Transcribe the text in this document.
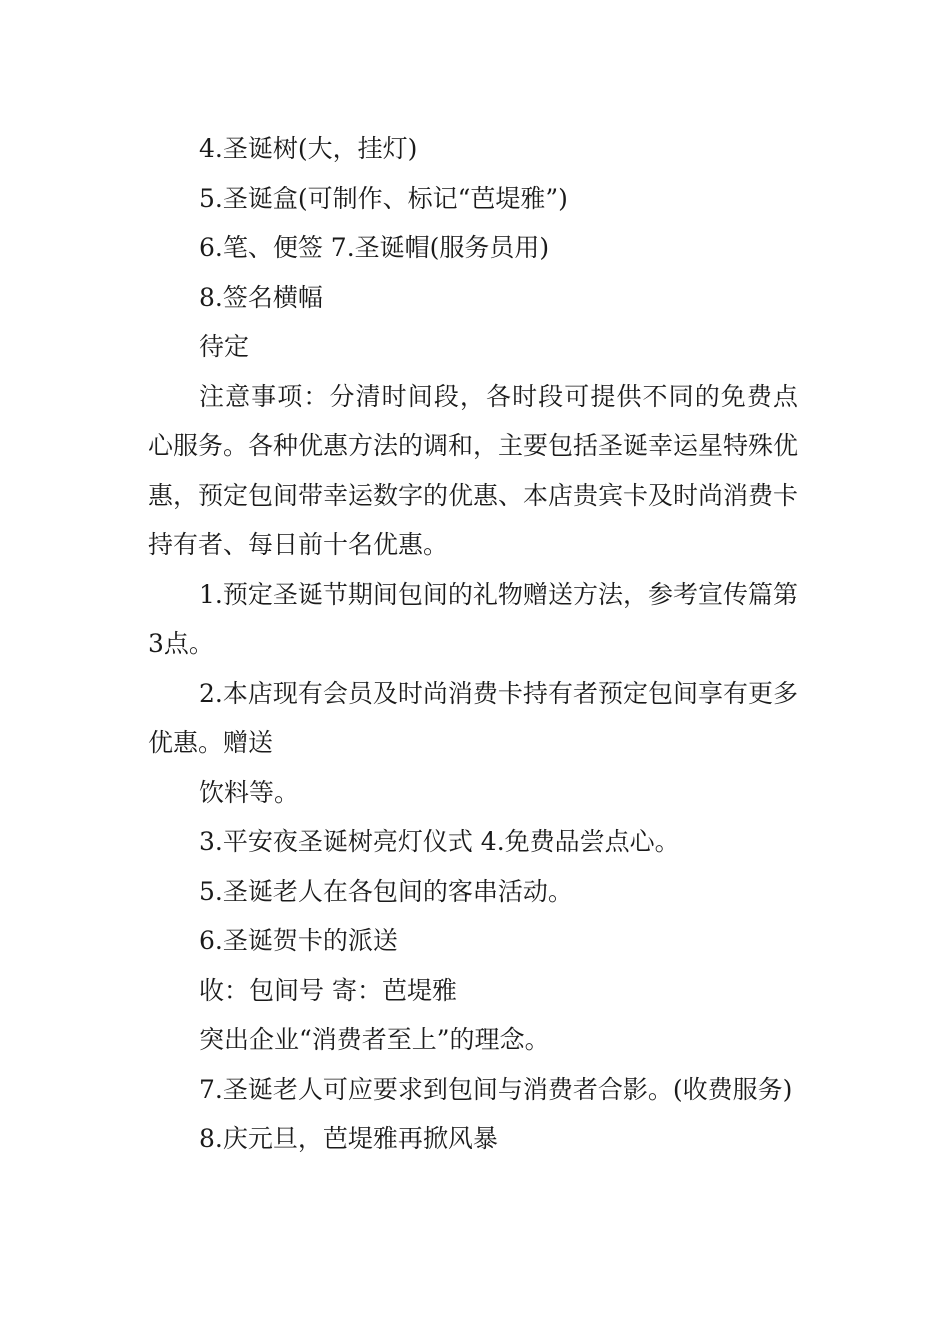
4.圣诞树(大，挂灯)

5.圣诞盒(可制作、标记“芭堤雅”)

6.笔、便签 7.圣诞帽(服务员用)

8.签名横幅

待定

注意事项：分清时间段，各时段可提供不同的免费点心服务。各种优惠方法的调和，主要包括圣诞幸运星特殊优惠，预定包间带幸运数字的优惠、本店贵宾卡及时尚消费卡持有者、每日前十名优惠。

1.预定圣诞节期间包间的礼物赠送方法，参考宣传篇第3点。

2.本店现有会员及时尚消费卡持有者预定包间享有更多优惠。赠送

饮料等。

3.平安夜圣诞树亮灯仪式 4.免费品尝点心。

5.圣诞老人在各包间的客串活动。

6.圣诞贺卡的派送

收：包间号 寄：芭堤雅

突出企业“消费者至上”的理念。

7.圣诞老人可应要求到包间与消费者合影。(收费服务)

8.庆元旦，芭堤雅再掀风暴
